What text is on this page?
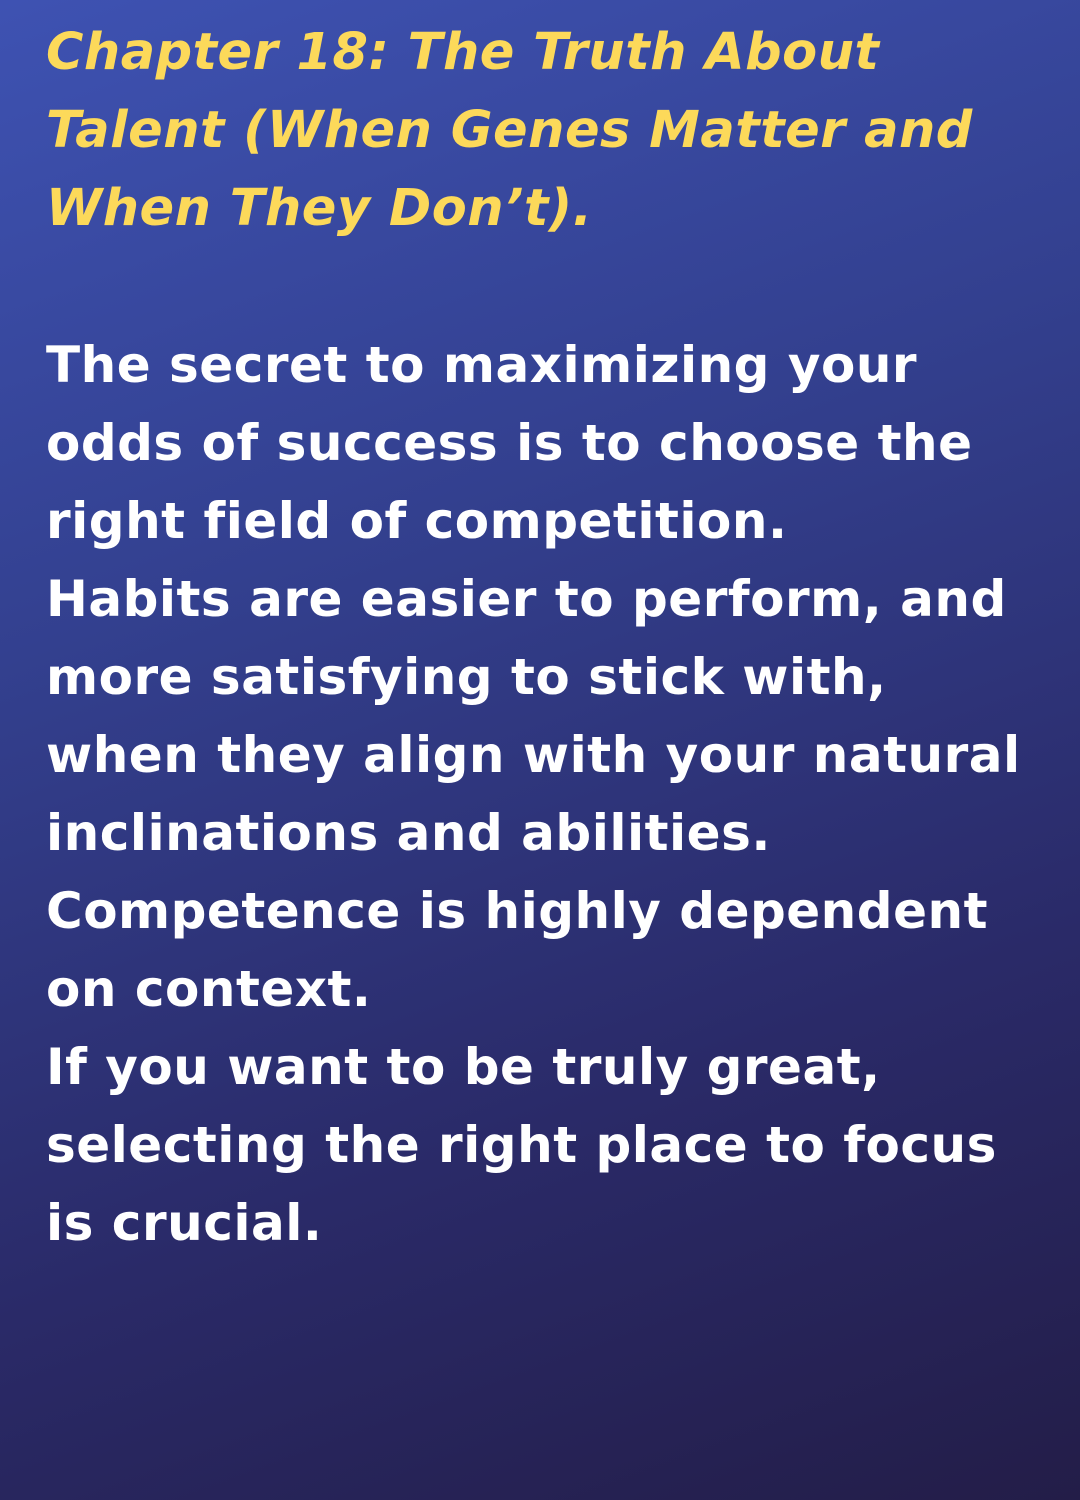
Chapter 18: The Truth About Talent (When Genes Matter and When They Don’t).

The secret to maximizing your odds of success is to choose the right field of competition.

Habits are easier to perform, and more satisfying to stick with, when they align with your natural inclinations and abilities.

Competence is highly dependent on context.

If you want to be truly great, selecting the right place to focus is crucial.
